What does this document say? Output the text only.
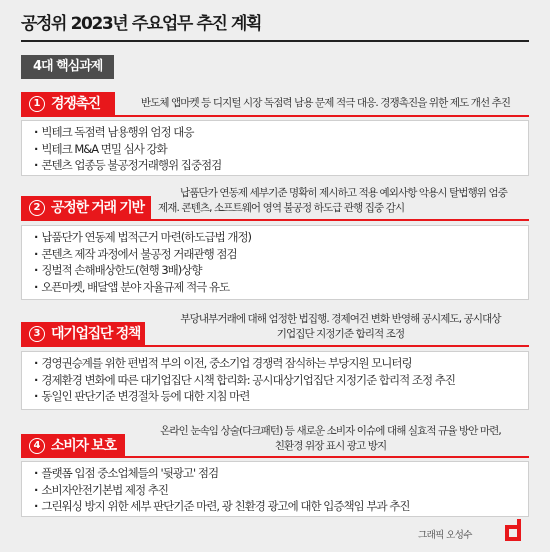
공정위 2023년 주요업무 추진 계획
4대 핵심과제
1 경쟁촉진	반도체 앱마켓 등 디지털 시장 독점력 남용 문제 적극 대응. 경쟁촉진을 위한 제도 개선 추진
· 빅테크 독점력 남용행위 엄정 대응
· 빅테크 M&A 면밀 심사 강화
· 콘텐츠 업종등 불공정거래행위 집중점검
2 공정한 거래 기반
납품단가 연동제 세부기준 명확히 제시하고 적용 예외사항 악용시 탈법행위 엄중
제재. 콘텐츠, 소프트웨어 영역 불공정 하도급 관행 집중 감시
· 납품단가 연동제 법적근거 마련(하도급법 개정)
· 콘텐츠 제작 과정에서 불공정 거래관행 점검
· 징벌적 손해배상한도(현행 3배)상향
· 오픈마켓, 배달앱 분야 자율규제 적극 유도
3 대기업집단 정책
부당내부거래에 대해 엄정한 법집행. 경제여건 변화 반영해 공시제도, 공시대상
기업집단 지정기준 합리적 조정
· 경영권승계를 위한 편법적 부의 이전, 중소기업 경쟁력 잠식하는 부당지원 모니터링
· 경제환경 변화에 따른 대기업집단 시책 합리화: 공시대상기업집단 지정기준 합리적 조정 추진
· 동일인 판단기준 변경절차 등에 대한 지침 마련
4 소비자 보호
온라인 눈속임 상술(다크패턴) 등 새로운 소비자 이슈에 대해 실효적 규율 방안 마련,
친환경 위장 표시 광고 방지
· 플랫폼 입점 중소업체들의 '뒷광고' 점검
· 소비자안전기본법 제정 추진
· 그린워싱 방지 위한 세부 판단기준 마련, 광 친환경 광고에 대한 입증책임 부과 추진
그래픽 오성수
